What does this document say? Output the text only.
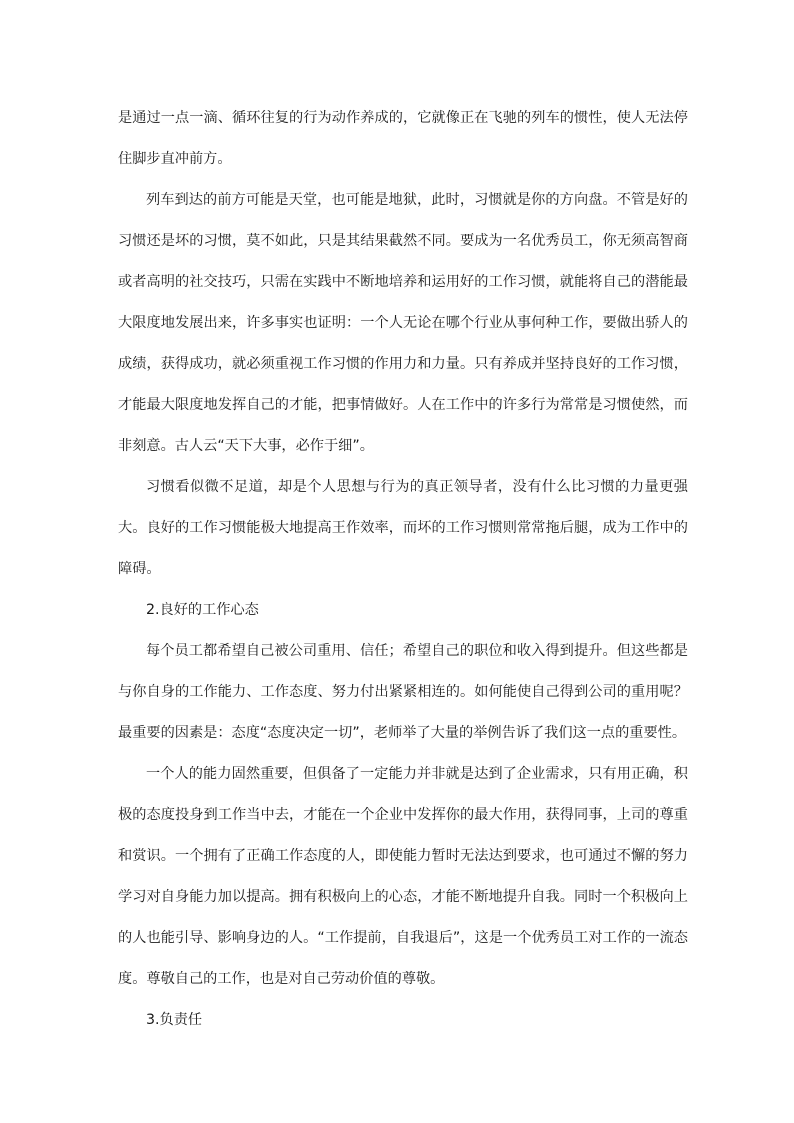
是通过一点一滴、循环往复的行为动作养成的，它就像正在飞驰的列车的惯性，使人无法停住脚步直冲前方。

列车到达的前方可能是天堂，也可能是地狱，此时，习惯就是你的方向盘。不管是好的习惯还是坏的习惯，莫不如此，只是其结果截然不同。要成为一名优秀员工，你无须高智商或者高明的社交技巧，只需在实践中不断地培养和运用好的工作习惯，就能将自己的潜能最大限度地发展出来，许多事实也证明：一个人无论在哪个行业从事何种工作，要做出骄人的成绩，获得成功，就必须重视工作习惯的作用力和力量。只有养成并坚持良好的工作习惯，才能最大限度地发挥自己的才能，把事情做好。人在工作中的许多行为常常是习惯使然，而非刻意。古人云“天下大事，必作于细”。

习惯看似微不足道，却是个人思想与行为的真正领导者，没有什么比习惯的力量更强大。良好的工作习惯能极大地提高王作效率，而坏的工作习惯则常常拖后腿，成为工作中的障碍。

2.良好的工作心态

每个员工都希望自己被公司重用、信任；希望自己的职位和收入得到提升。但这些都是与你自身的工作能力、工作态度、努力付出紧紧相连的。如何能使自己得到公司的重用呢？最重要的因素是：态度“态度决定一切”，老师举了大量的举例告诉了我们这一点的重要性。

一个人的能力固然重要，但俱备了一定能力并非就是达到了企业需求，只有用正确，积极的态度投身到工作当中去，才能在一个企业中发挥你的最大作用，获得同事，上司的尊重和赏识。一个拥有了正确工作态度的人，即使能力暂时无法达到要求，也可通过不懈的努力学习对自身能力加以提高。拥有积极向上的心态，才能不断地提升自我。同时一个积极向上的人也能引导、影响身边的人。“工作提前，自我退后”，这是一个优秀员工对工作的一流态度。尊敬自己的工作，也是对自己劳动价值的尊敬。

3.负责任
